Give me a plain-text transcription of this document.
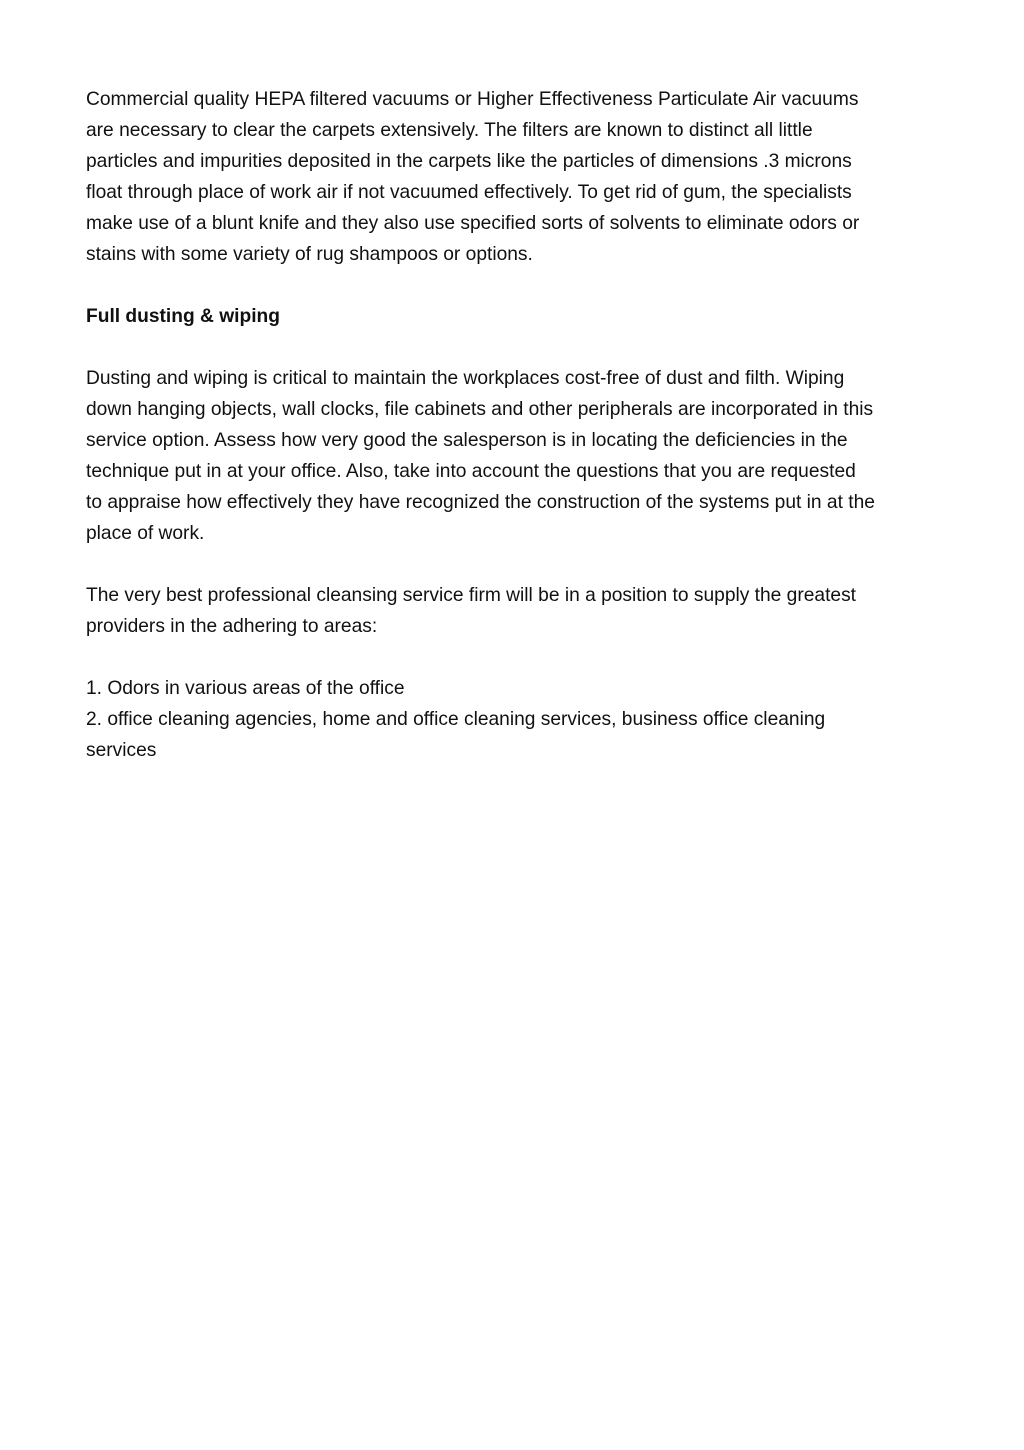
Commercial quality HEPA filtered vacuums or Higher Effectiveness Particulate Air vacuums
are necessary to clear the carpets extensively. The filters are known to distinct all little
particles and impurities deposited in the carpets like the particles of dimensions .3 microns
float through place of work air if not vacuumed effectively. To get rid of gum, the specialists
make use of a blunt knife and they also use specified sorts of solvents to eliminate odors or
stains with some variety of rug shampoos or options.

Full dusting & wiping

Dusting and wiping is critical to maintain the workplaces cost-free of dust and filth. Wiping
down hanging objects, wall clocks, file cabinets and other peripherals are incorporated in this
service option. Assess how very good the salesperson is in locating the deficiencies in the
technique put in at your office. Also, take into account the questions that you are requested
to appraise how effectively they have recognized the construction of the systems put in at the
place of work.

The very best professional cleansing service firm will be in a position to supply the greatest
providers in the adhering to areas:

1. Odors in various areas of the office
2. office cleaning agencies, home and office cleaning services, business office cleaning
services
